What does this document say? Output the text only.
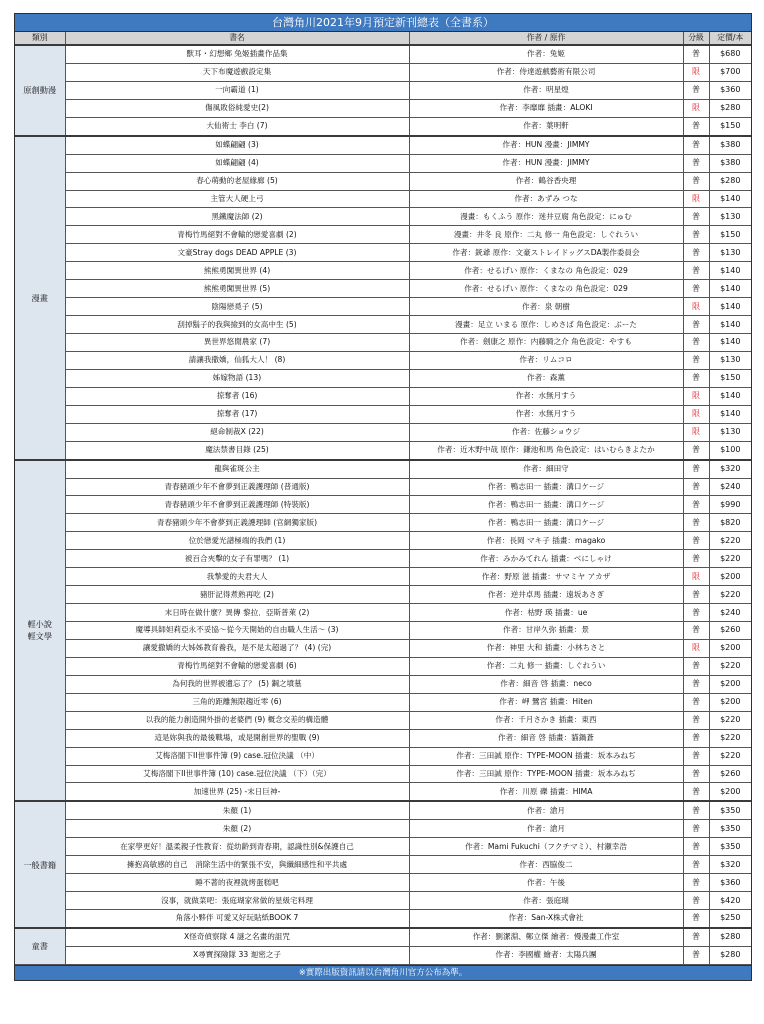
台灣角川2021年9月預定新刊總表（全書系）
類別	書名	作者 / 原作	分級	定價/本
原創動漫	獸耳・幻想鄉 兔姬插畫作品集	作者：兔姬	普	$680
	天下布魔遊戲設定集	作者：侍達遊戲藝術有限公司	限	$700
	一向霸道 (1)	作者：明星煌	普	$360
	傷風敗俗純愛史(2)	作者：李靡靡 插畫：ALOKI	限	$280
	大仙術士 李白 (7)	作者：葉明軒	普	$150
漫畫	如蝶翩翩 (3)	作者：HUN 漫畫：JIMMY	普	$380
	如蝶翩翩 (4)	作者：HUN 漫畫：JIMMY	普	$380
	春心萌動的老屋緣廊 (5)	作者：鶴谷香央理	普	$280
	主管大人硬上弓	作者：あずみ つな	限	$140
	黑鐵魔法師 (2)	漫畫：もくふう 原作：迷井豆腐 角色設定：にゅむ	普	$130
	青梅竹馬絕對不會輸的戀愛喜劇 (2)	漫畫：井冬 良 原作：二丸 修一 角色設定：しぐれうい	普	$150
	文豪Stray dogs DEAD APPLE (3)	作者：銃爺 原作：文豪ストレイドッグスDA製作委員会	普	$130
	熊熊勇闖異世界 (4)	作者：せるげい 原作：くまなの 角色設定：029	普	$140
	熊熊勇闖異世界 (5)	作者：せるげい 原作：くまなの 角色設定：029	普	$140
	陰陽戀覓子 (5)	作者：泉 朝樹	限	$140
	刮掉鬍子的我與撿到的女高中生 (5)	漫畫：足立 いまる 原作：しめさば 角色設定：ぶーた	普	$140
	異世界悠閒農家 (7)	作者：劍康之 原作：内藤騎之介 角色設定：やすも	普	$140
	請讓我撒嬌，仙狐大人！ (8)	作者：リムコロ	普	$130
	姊嫁物語 (13)	作者：森薫	普	$150
	掠奪者 (16)	作者：水無月すう	限	$140
	掠奪者 (17)	作者：水無月すう	限	$140
	絕命制裁X (22)	作者：佐藤ショウジ	限	$130
	魔法禁書目錄 (25)	作者：近木野中哉 原作：鎌池和馬 角色設定：はいむらきよたか	普	$100
輕小說
輕文學	龍與雀斑公主	作者：細田守	普	$320
	青春豬頭少年不會夢到正義護理師 (普通版)	作者：鴨志田一 插畫：溝口ケージ	普	$240
	青春豬頭少年不會夢到正義護理師 (特裝版)	作者：鴨志田一 插畫：溝口ケージ	普	$990
	青春豬頭少年不會夢到正義護理師 (官網獨家版)	作者：鴨志田一 插畫：溝口ケージ	普	$820
	位於戀愛光譜極端的我們 (1)	作者：長岡 マキ子 插畫：magako	普	$220
	被百合夾擊的女子有罪嗎？ (1)	作者：みかみてれん 插畫：べにしゃけ	普	$220
	我摯愛的夫君大人	作者：野原 滋 插畫：サマミヤ アカザ	限	$200
	豬肝記得煮熟再吃 (2)	作者：逆井卓馬 插畫：遠坂あさぎ	普	$220
	末日時在做什麼？異傳 黎拉．亞斯普萊 (2)	作者：枯野 瑛 插畫：ue	普	$240
	魔導具師妲莉亞永不妥協～從今天開始的自由職人生活～ (3)	作者：甘岸久弥 插畫：景	普	$260
	讓愛撒嬌的大姊姊教育養我，是不是太超過了？ (4) (完)	作者：神里 大和 插畫：小林ちさと	限	$200
	青梅竹馬絕對不會輸的戀愛喜劇 (6)	作者：二丸 修一 插畫：しぐれうい	普	$220
	為何我的世界被遺忘了？ (5) 鋼之墳墓	作者：細音 啓 插畫：neco	普	$200
	三角的距離無限趨近零 (6)	作者：岬 鷺宮 插畫：Hiten	普	$200
	以我的能力創造開外掛的老婆們 (9) 概念交差的構造體	作者：千月さかき 插畫：東西	普	$220
	這是妳與我的最後戰場，或是開創世界的聖戰 (9)	作者：細音 啓 插畫：貓鍋蒼	普	$220
	艾梅洛閣下II世事件簿 (9) case.冠位決議 （中）	作者：三田誠 原作：TYPE-MOON 插畫：坂本みねぢ	普	$220
	艾梅洛閣下II世事件簿 (10) case.冠位決議 （下）（完）	作者：三田誠 原作：TYPE-MOON 插畫：坂本みねぢ	普	$260
	加速世界 (25) -末日巨神-	作者：川原 礫 插畫：HIMA	普	$200
一般書籍	朱顏 (1)	作者：滄月	普	$350
	朱顏 (2)	作者：滄月	普	$350
	在家學更好！溫柔親子性教育：從幼齡到青春期，認識性別&保護自己	作者：Mami Fukuchi（フクチマミ）、村瀬幸浩	普	$350
	擁抱高敏感的自己　消除生活中的緊張不安，與纖細感性和平共處	作者：西脇俊二	普	$320
	睡不著的夜裡就烤蛋糕吧	作者：午後	普	$360
	沒事，就做菜吧：張庭瑚家常做的星級宅料理	作者：張庭瑚	普	$420
	角落小夥伴 可愛又好玩貼紙BOOK 7	作者：San-X株式會社	普	$250
童書	X怪奇偵察隊 4 謎之名畫的詛咒	作者：劉潔淵、鄭立傑 繪者：慢漫畫工作室	普	$280
	X尋寶探險隊 33 迦密之子	作者：李國權 繪者：太陽兵團	普	$280
※實際出版資訊請以台灣角川官方公布為準。
